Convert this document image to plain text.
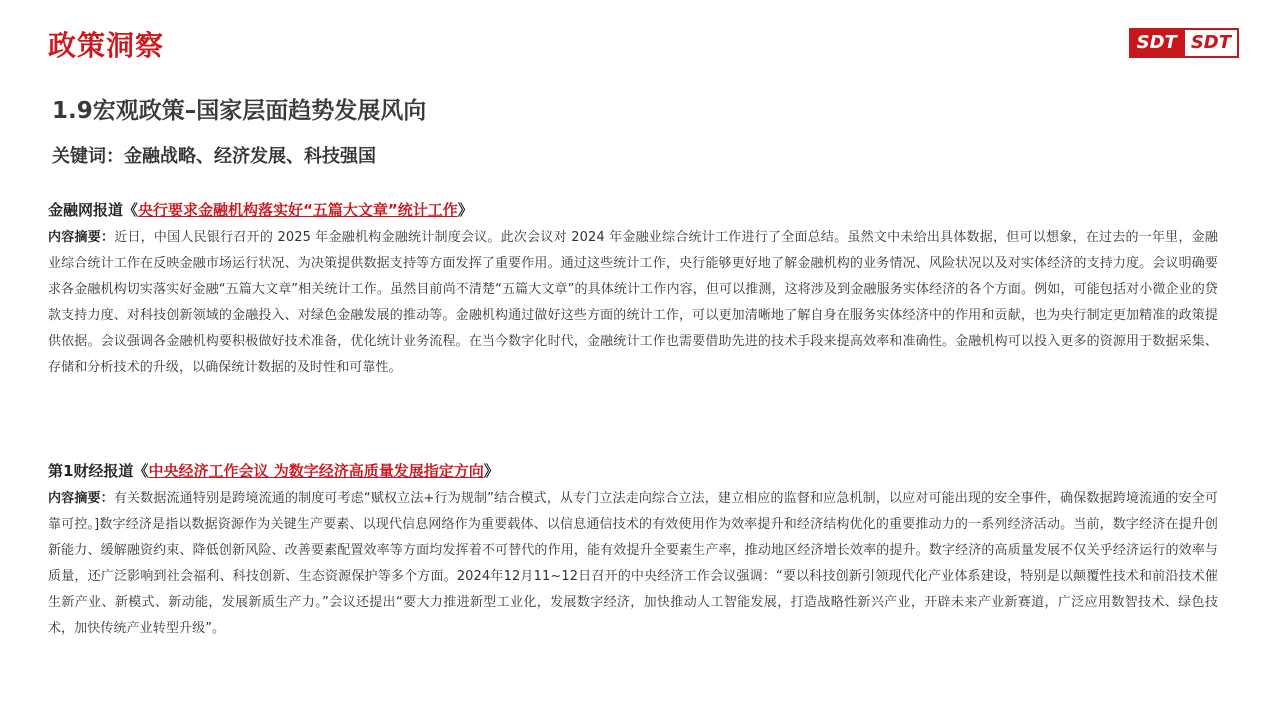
政策洞察	SDT SDT
1.9宏观政策–国家层面趋势发展风向
关键词：金融战略、经济发展、科技强国
金融网报道《央行要求金融机构落实好“五篇大文章”统计工作》
内容摘要：近日，中国人民银行召开的 2025 年金融机构金融统计制度会议。此次会议对 2024 年金融业综合统计工作进行了全面总结。虽然文中未给出具体数据，但可以想象，在过去的一年里，金融业综合统计工作在反映金融市场运行状况、为决策提供数据支持等方面发挥了重要作用。通过这些统计工作，央行能够更好地了解金融机构的业务情况、风险状况以及对实体经济的支持力度。会议明确要求各金融机构切实落实好金融“五篇大文章”相关统计工作。虽然目前尚不清楚“五篇大文章”的具体统计工作内容，但可以推测，这将涉及到金融服务实体经济的各个方面。例如，可能包括对小微企业的贷款支持力度、对科技创新领域的金融投入、对绿色金融发展的推动等。金融机构通过做好这些方面的统计工作，可以更加清晰地了解自身在服务实体经济中的作用和贡献，也为央行制定更加精准的政策提供依据。会议强调各金融机构要积极做好技术准备，优化统计业务流程。在当今数字化时代，金融统计工作也需要借助先进的技术手段来提高效率和准确性。金融机构可以投入更多的资源用于数据采集、存储和分析技术的升级，以确保统计数据的及时性和可靠性。
第1财经报道《中央经济工作会议 为数字经济高质量发展指定方向》
内容摘要：有关数据流通特别是跨境流通的制度可考虑“赋权立法+行为规制”结合模式，从专门立法走向综合立法，建立相应的监督和应急机制，以应对可能出现的安全事件，确保数据跨境流通的安全可靠可控。]数字经济是指以数据资源作为关键生产要素、以现代信息网络作为重要载体、以信息通信技术的有效使用作为效率提升和经济结构优化的重要推动力的一系列经济活动。当前，数字经济在提升创新能力、缓解融资约束、降低创新风险、改善要素配置效率等方面均发挥着不可替代的作用，能有效提升全要素生产率，推动地区经济增长效率的提升。数字经济的高质量发展不仅关乎经济运行的效率与质量，还广泛影响到社会福利、科技创新、生态资源保护等多个方面。2024年12月11~12日召开的中央经济工作会议强调：“要以科技创新引领现代化产业体系建设，特别是以颠覆性技术和前沿技术催生新产业、新模式、新动能，发展新质生产力。”会议还提出“要大力推进新型工业化，发展数字经济，加快推动人工智能发展，打造战略性新兴产业，开辟未来产业新赛道，广泛应用数智技术、绿色技术，加快传统产业转型升级”。
